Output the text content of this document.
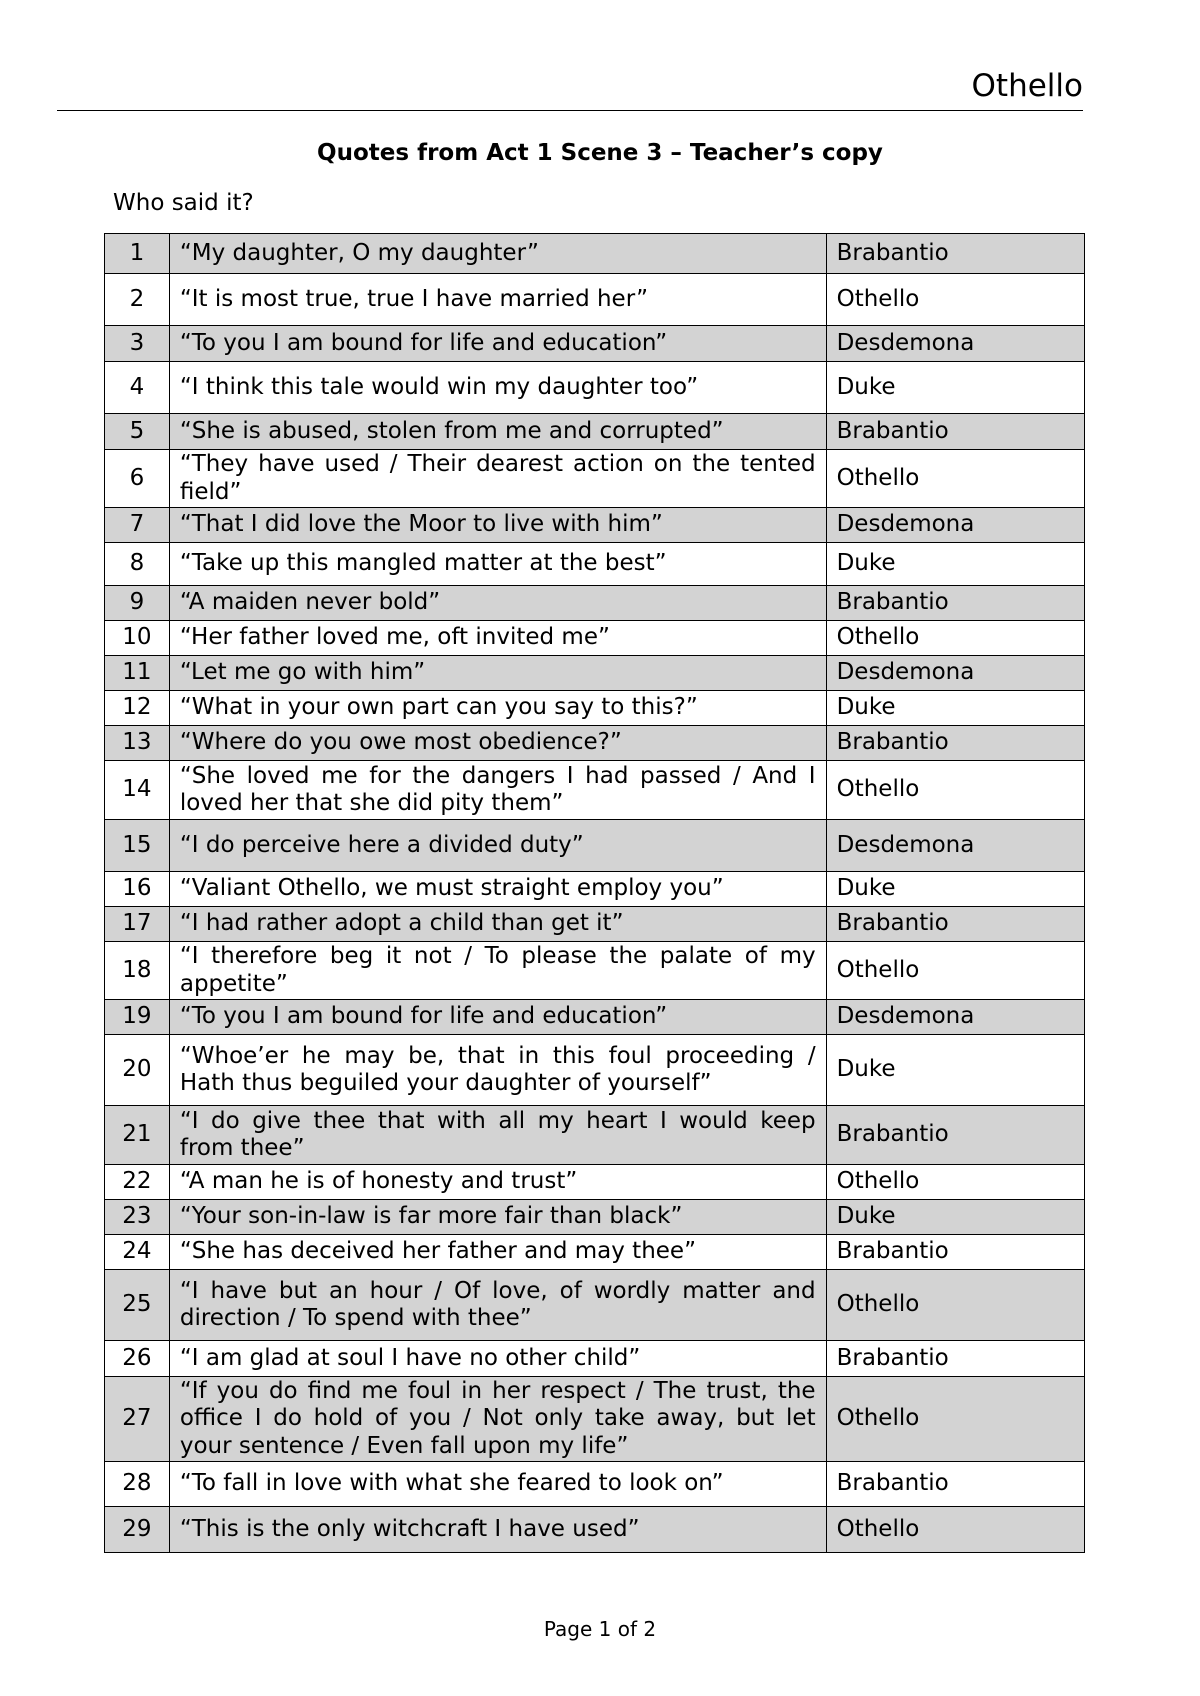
Othello
Quotes from Act 1 Scene 3 – Teacher’s copy
Who said it?
1	“My daughter, O my daughter”	Brabantio
2	“It is most true, true I have married her”	Othello
3	“To you I am bound for life and education”	Desdemona
4	“I think this tale would win my daughter too”	Duke
5	“She is abused, stolen from me and corrupted”	Brabantio
6	“They have used / Their dearest action on the tented field”	Othello
7	“That I did love the Moor to live with him”	Desdemona
8	“Take up this mangled matter at the best”	Duke
9	“A maiden never bold”	Brabantio
10	“Her father loved me, oft invited me”	Othello
11	“Let me go with him”	Desdemona
12	“What in your own part can you say to this?”	Duke
13	“Where do you owe most obedience?”	Brabantio
14	“She loved me for the dangers I had passed / And I loved her that she did pity them”	Othello
15	“I do perceive here a divided duty”	Desdemona
16	“Valiant Othello, we must straight employ you”	Duke
17	“I had rather adopt a child than get it”	Brabantio
18	“I therefore beg it not / To please the palate of my appetite”	Othello
19	“To you I am bound for life and education”	Desdemona
20	“Whoe’er he may be, that in this foul proceeding / Hath thus beguiled your daughter of yourself”	Duke
21	“I do give thee that with all my heart I would keep from thee”	Brabantio
22	“A man he is of honesty and trust”	Othello
23	“Your son-in-law is far more fair than black”	Duke
24	“She has deceived her father and may thee”	Brabantio
25	“I have but an hour / Of love, of wordly matter and direction / To spend with thee”	Othello
26	“I am glad at soul I have no other child”	Brabantio
27	“If you do find me foul in her respect / The trust, the office I do hold of you / Not only take away, but let your sentence / Even fall upon my life”	Othello
28	“To fall in love with what she feared to look on”	Brabantio
29	“This is the only witchcraft I have used”	Othello
Page 1 of 2
